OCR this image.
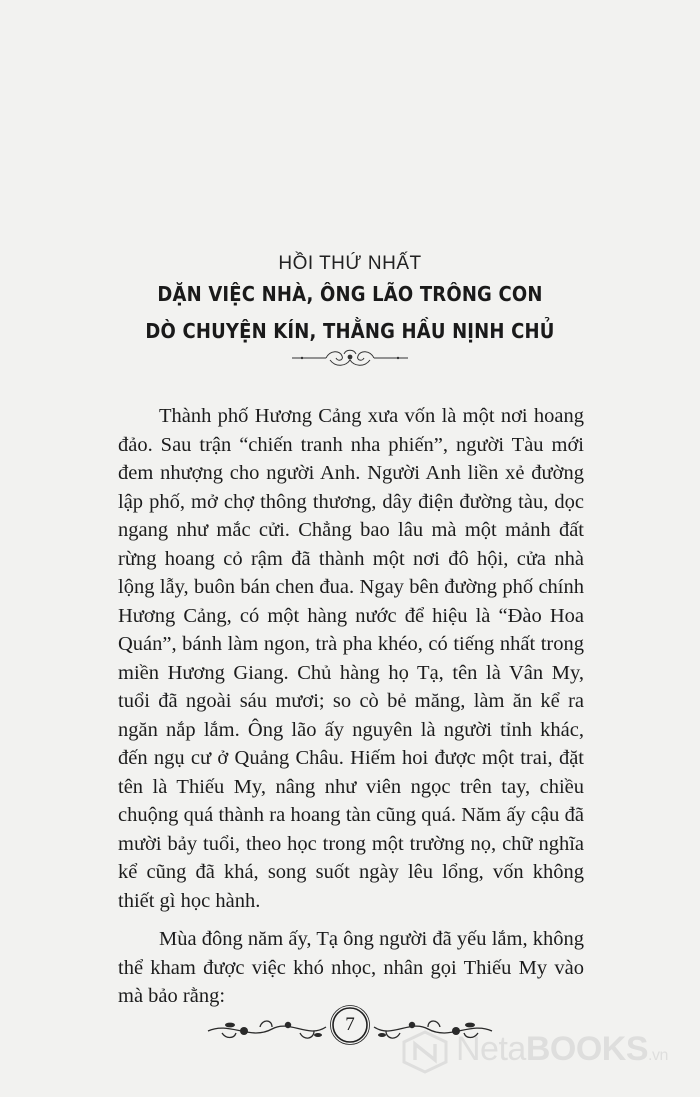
HỒI THỨ NHẤT
DẶN VIỆC NHÀ, ÔNG LÃO TRÔNG CON
DÒ CHUYỆN KÍN, THẰNG HẦU NỊNH CHỦ

Thành phố Hương Cảng xưa vốn là một nơi hoang đảo. Sau trận “chiến tranh nha phiến”, người Tàu mới đem nhượng cho người Anh. Người Anh liền xẻ đường lập phố, mở chợ thông thương, dây điện đường tàu, dọc ngang như mắc cửi. Chẳng bao lâu mà một mảnh đất rừng hoang cỏ rậm đã thành một nơi đô hội, cửa nhà lộng lẫy, buôn bán chen đua. Ngay bên đường phố chính Hương Cảng, có một hàng nước để hiệu là “Đào Hoa Quán”, bánh làm ngon, trà pha khéo, có tiếng nhất trong miền Hương Giang. Chủ hàng họ Tạ, tên là Vân My, tuổi đã ngoài sáu mươi; so cò bẻ măng, làm ăn kể ra ngăn nắp lắm. Ông lão ấy nguyên là người tỉnh khác, đến ngụ cư ở Quảng Châu. Hiếm hoi được một trai, đặt tên là Thiếu My, nâng như viên ngọc trên tay, chiều chuộng quá thành ra hoang tàn cũng quá. Năm ấy cậu đã mười bảy tuổi, theo học trong một trường nọ, chữ nghĩa kể cũng đã khá, song suốt ngày lêu lổng, vốn không thiết gì học hành.

Mùa đông năm ấy, Tạ ông người đã yếu lắm, không thể kham được việc khó nhọc, nhân gọi Thiếu My vào mà bảo rằng:

7
NetaBOOKS.vn
